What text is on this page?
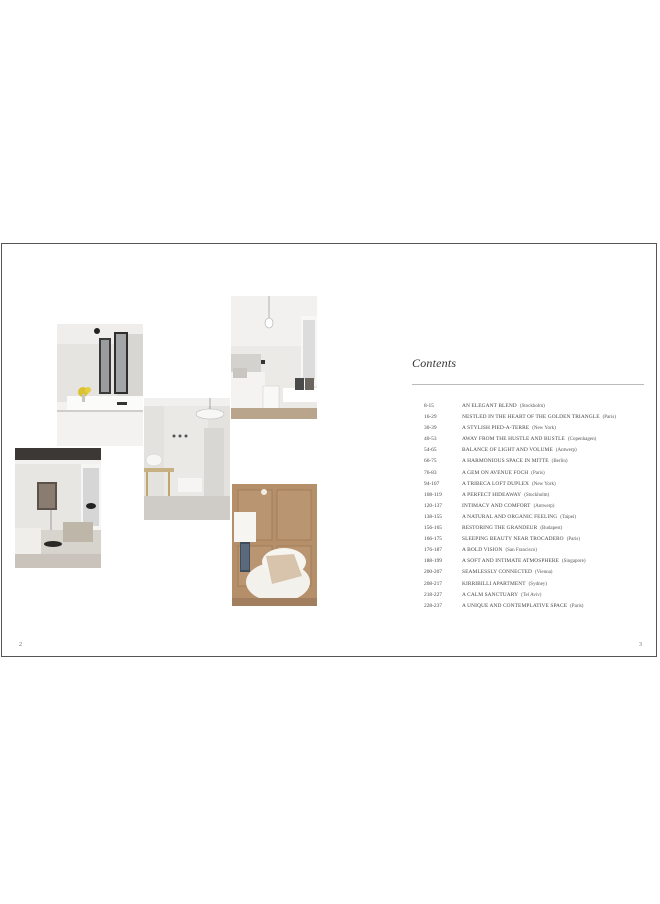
2
Contents
8-15	AN ELEGANT BLEND (Stockholm)
16-29	NESTLED IN THE HEART OF THE GOLDEN TRIANGLE (Paris)
30-39	A STYLISH PIED-A-TERRE (New York)
40-53	AWAY FROM THE HUSTLE AND BUSTLE (Copenhagen)
54-65	BALANCE OF LIGHT AND VOLUME (Antwerp)
66-75	A HARMONIOUS SPACE IN MITTE (Berlin)
76-83	A GEM ON AVENUE FOCH (Paris)
94-107	A TRIBECA LOFT DUPLEX (New York)
108-119	A PERFECT HIDEAWAY (Stockholm)
120-137	INTIMACY AND COMFORT (Antwerp)
138-155	A NATURAL AND ORGANIC FEELING (Taipei)
156-165	RESTORING THE GRANDEUR (Budapest)
166-175	SLEEPING BEAUTY NEAR TROCADERO (Paris)
176-187	A BOLD VISION (San Francisco)
188-199	A SOFT AND INTIMATE ATMOSPHERE (Singapore)
200-207	SEAMLESSLY CONNECTED (Vienna)
208-217	KIRRIBILLI APARTMENT (Sydney)
218-227	A CALM SANCTUARY (Tel Aviv)
228-237	A UNIQUE AND CONTEMPLATIVE SPACE (Paris)
3
